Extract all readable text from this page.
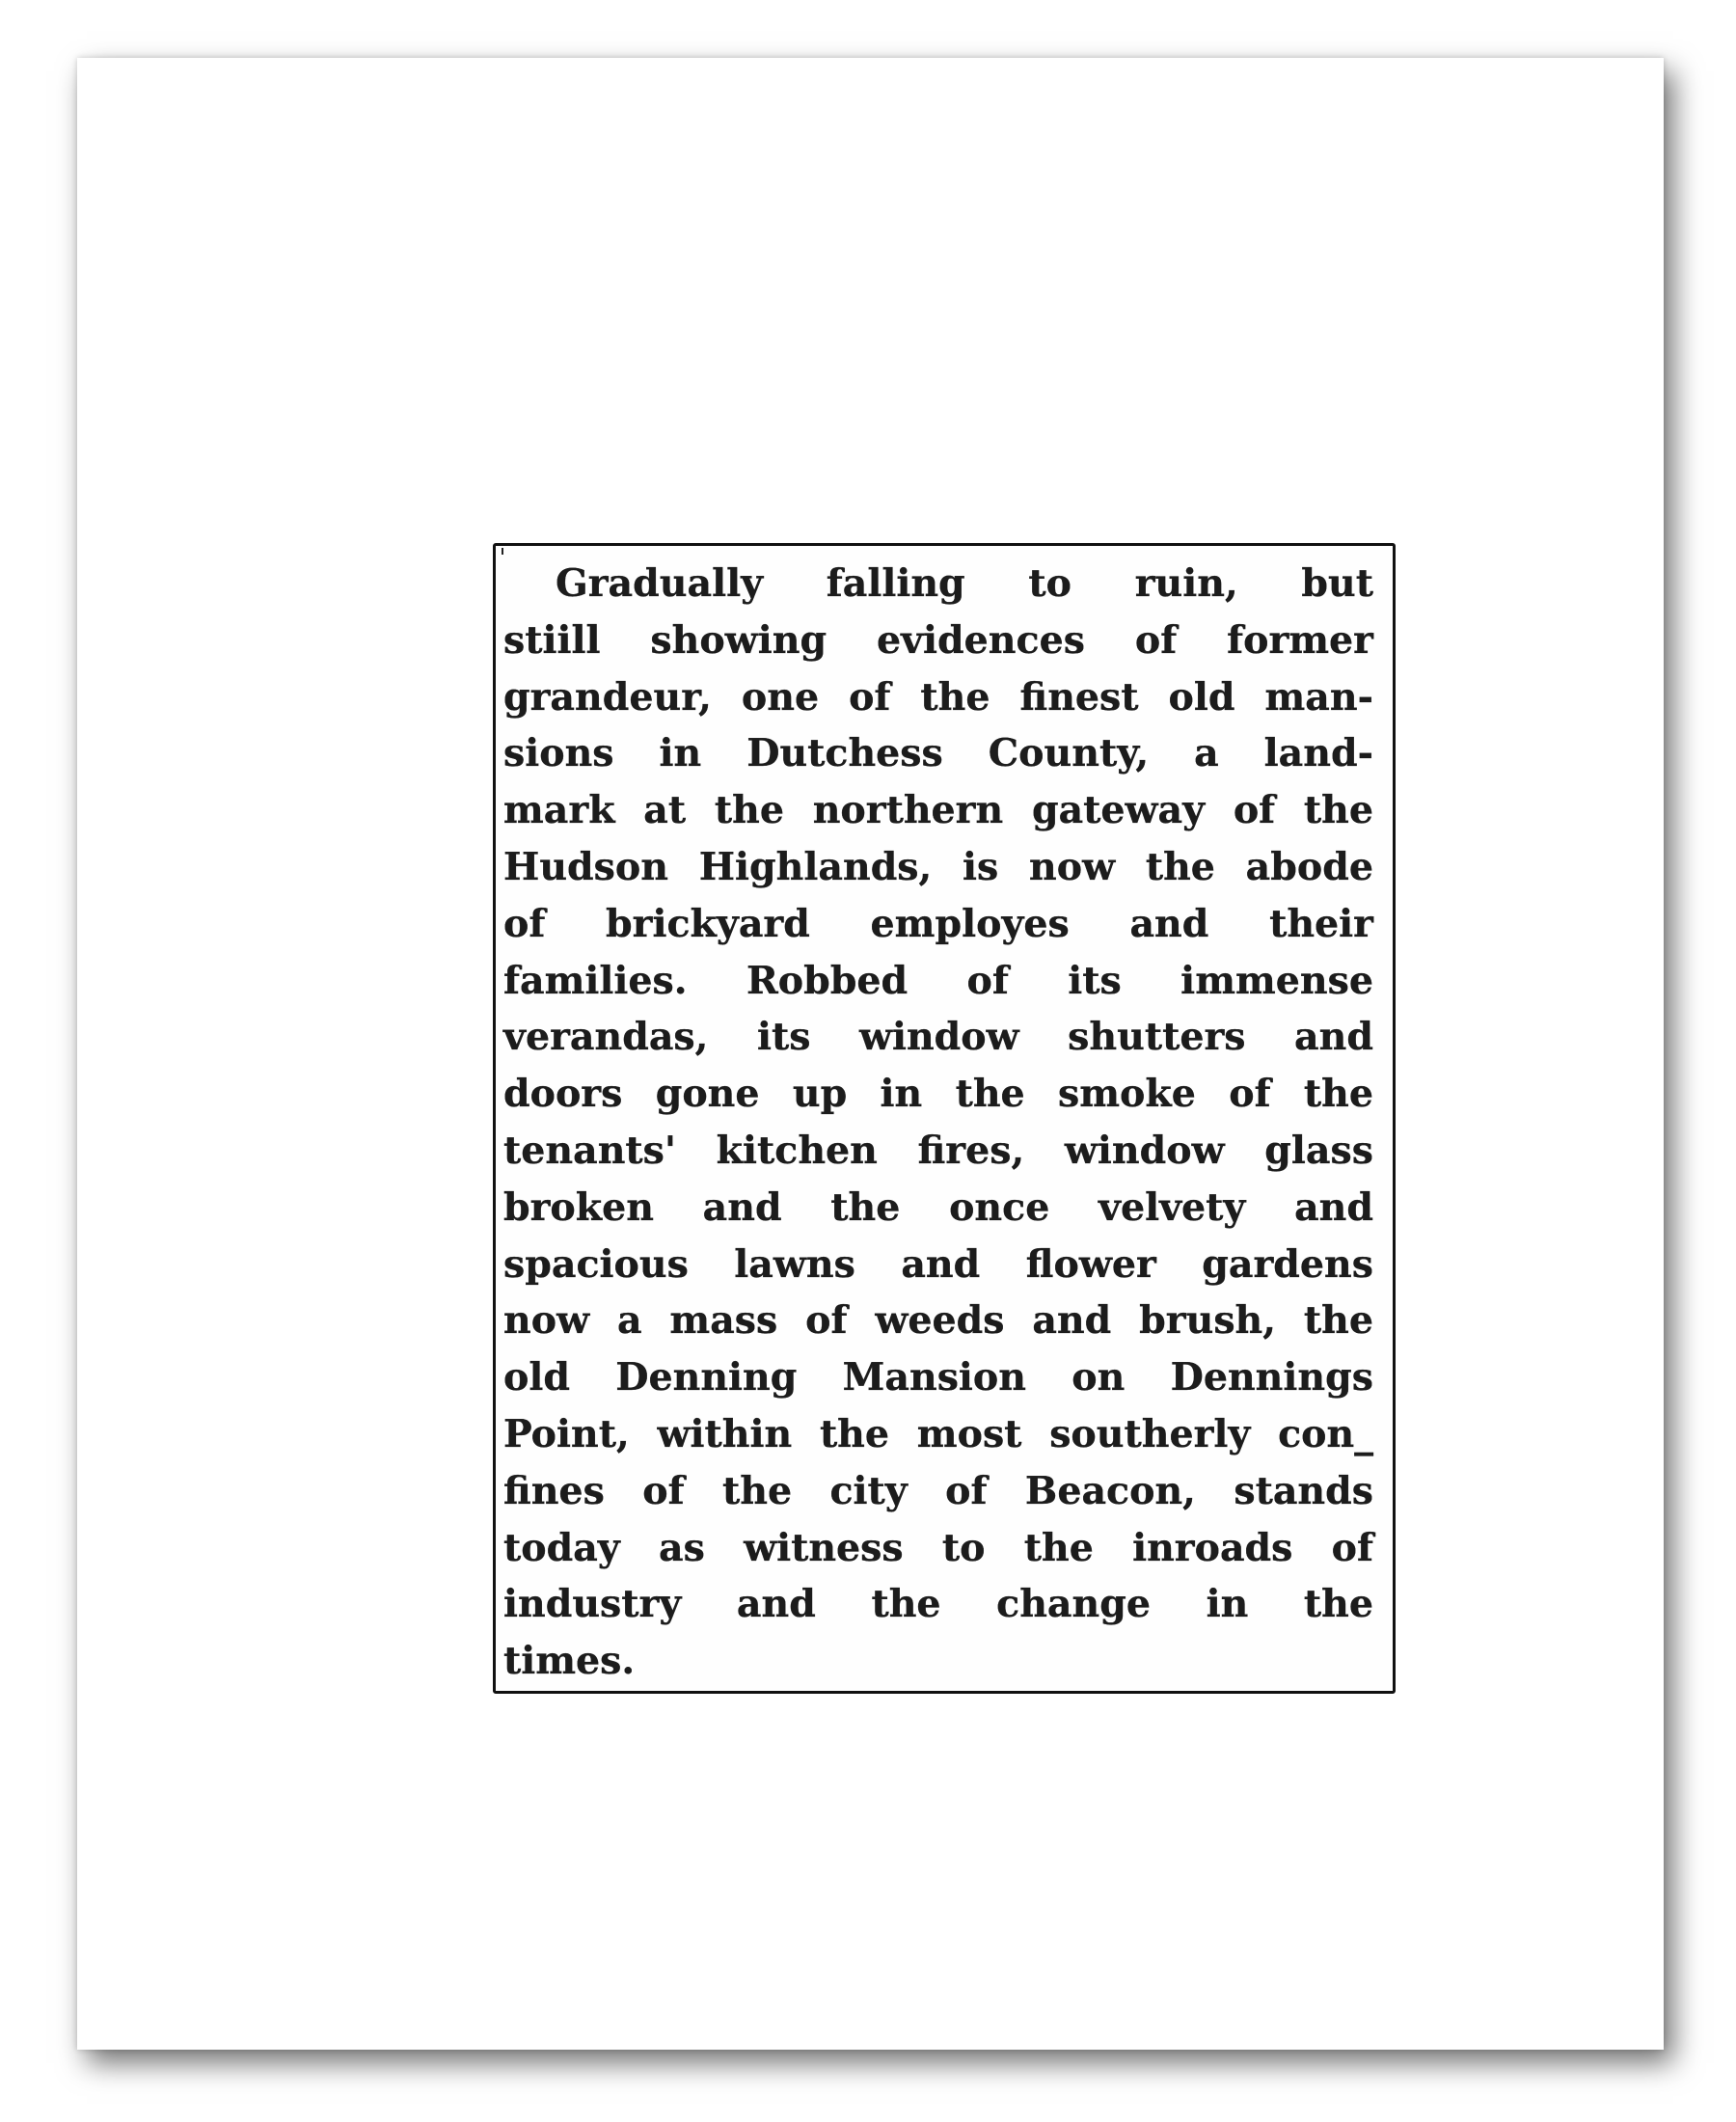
Gradually falling to ruin, but
stiill showing evidences of former
grandeur, one of the finest old man-
sions in Dutchess County, a land-
mark at the northern gateway of the
Hudson Highlands, is now the abode
of brickyard employes and their
families. Robbed of its immense
verandas, its window shutters and
doors gone up in the smoke of the
tenants' kitchen fires, window glass
broken and the once velvety and
spacious lawns and flower gardens
now a mass of weeds and brush, the
old Denning Mansion on Dennings
Point, within the most southerly con_
fines of the city of Beacon, stands
today as witness to the inroads of
industry and the change in the
times.
